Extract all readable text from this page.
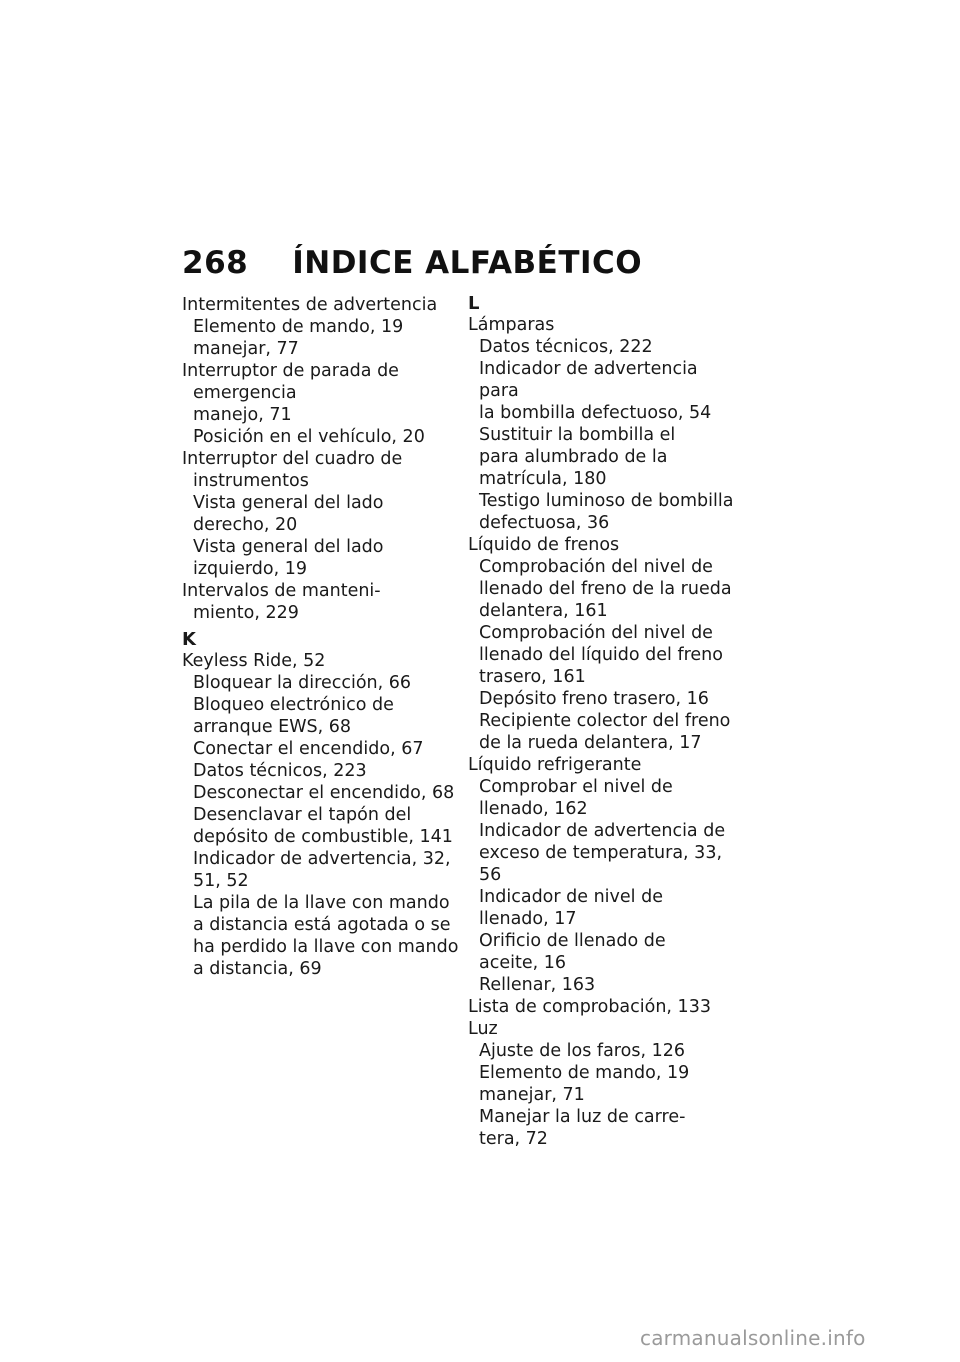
268 ÍNDICE ALFABÉTICO
Intermitentes de advertencia
Elemento de mando, 19
manejar, 77
Interruptor de parada de
emergencia
manejo, 71
Posición en el vehículo, 20
Interruptor del cuadro de
instrumentos
Vista general del lado
derecho, 20
Vista general del lado
izquierdo, 19
Intervalos de manteni-
miento, 229
K
Keyless Ride, 52
Bloquear la dirección, 66
Bloqueo electrónico de
arranque EWS, 68
Conectar el encendido, 67
Datos técnicos, 223
Desconectar el encendido, 68
Desenclavar el tapón del
depósito de combustible, 141
Indicador de advertencia, 32,
51, 52
La pila de la llave con mando
a distancia está agotada o se
ha perdido la llave con mando
a distancia, 69
L
Lámparas
Datos técnicos, 222
Indicador de advertencia para
la bombilla defectuoso, 54
Sustituir la bombilla el
para alumbrado de la
matrícula, 180
Testigo luminoso de bombilla
defectuosa, 36
Líquido de frenos
Comprobación del nivel de
llenado del freno de la rueda
delantera, 161
Comprobación del nivel de
llenado del líquido del freno
trasero, 161
Depósito freno trasero, 16
Recipiente colector del freno
de la rueda delantera, 17
Líquido refrigerante
Comprobar el nivel de
llenado, 162
Indicador de advertencia de
exceso de temperatura, 33,
56
Indicador de nivel de
llenado, 17
Orificio de llenado de
aceite, 16
Rellenar, 163
Lista de comprobación, 133
Luz
Ajuste de los faros, 126
Elemento de mando, 19
manejar, 71
Manejar la luz de carre-
tera, 72
carmanualsonline.info
